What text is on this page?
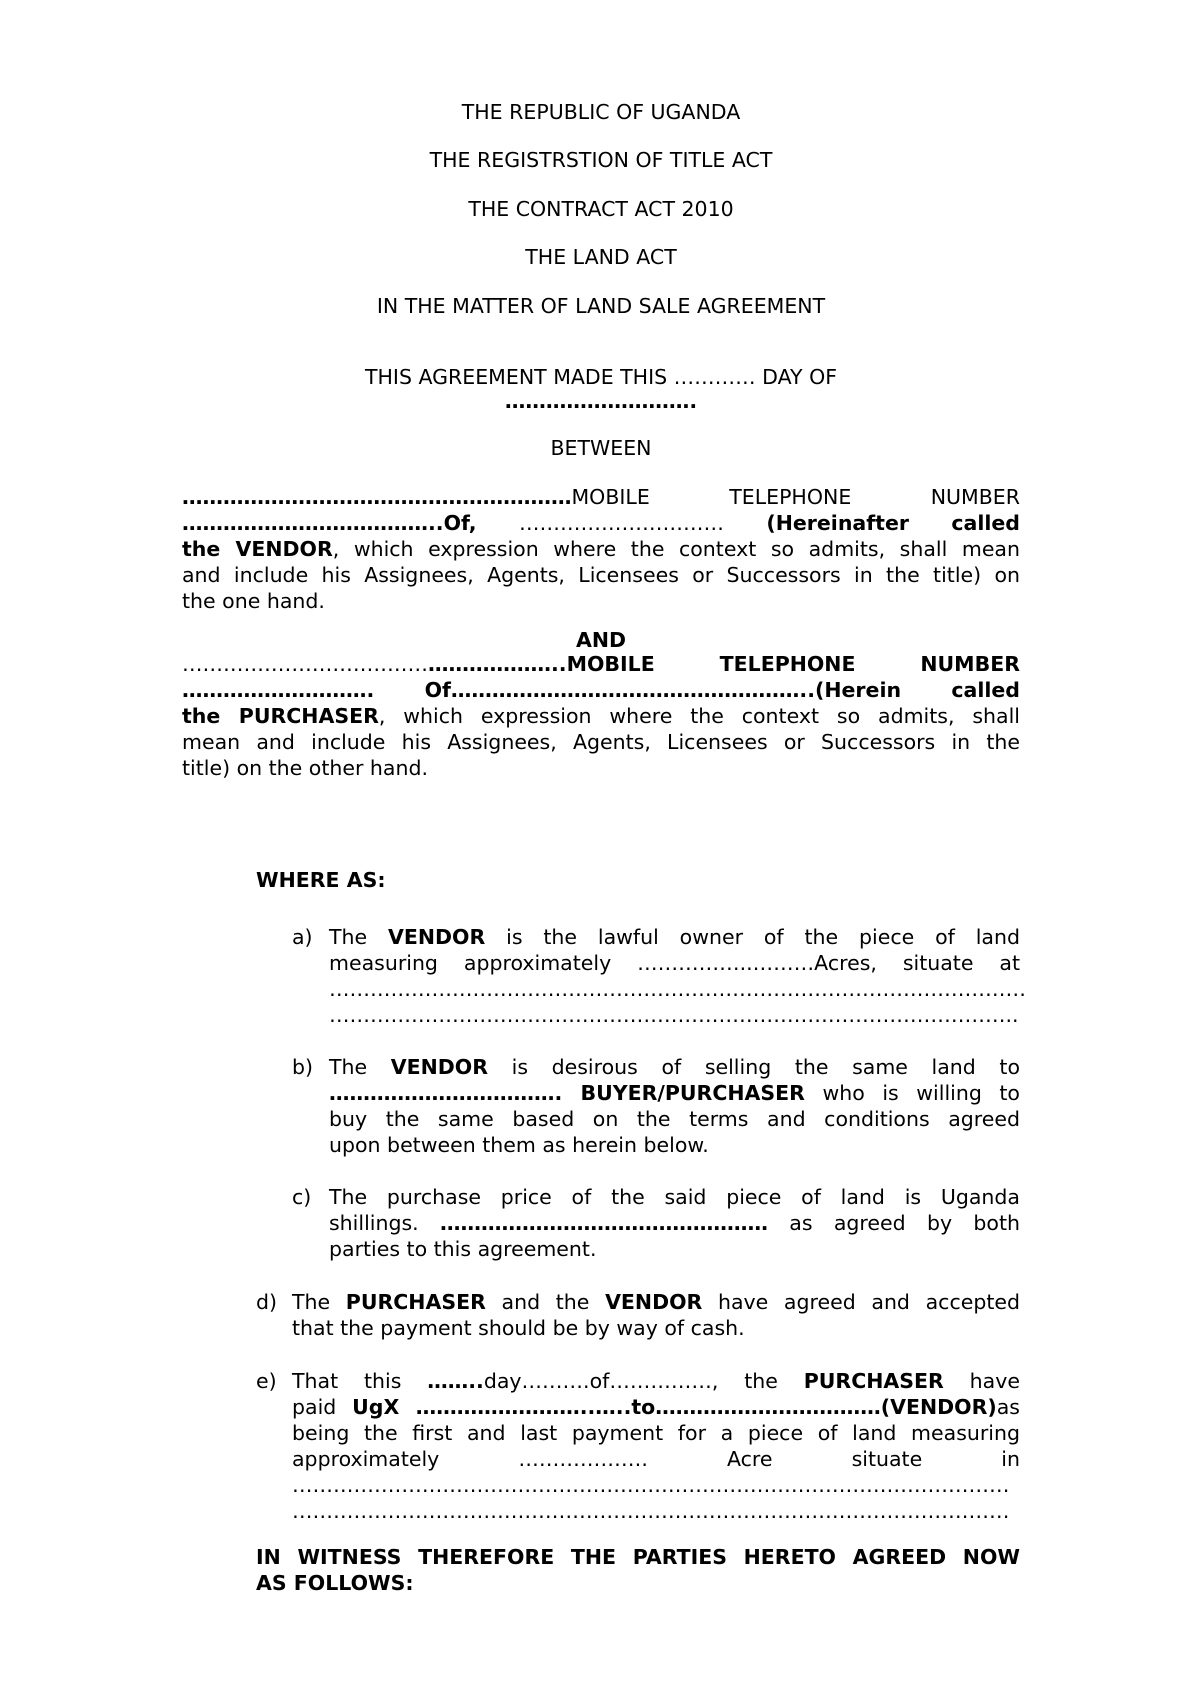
THE REPUBLIC OF UGANDA
THE REGISTRSTION OF TITLE ACT
THE CONTRACT ACT 2010
THE LAND ACT
IN THE MATTER OF LAND SALE AGREEMENT
THIS AGREEMENT MADE THIS ………… DAY OF
……………………….
BETWEEN
…………………………………………………MOBILE	TELEPHONE	NUMBER
………………………………..Of, ………………………… (Hereinafter called
the VENDOR, which expression where the context so admits, shall mean
and include his Assignees, Agents, Licensees or Successors in the title) on
the one hand.
AND
………………………………………………..MOBILE	TELEPHONE	NUMBER
………………………. Of……………………………………………..(Herein called
the PURCHASER, which expression where the context so admits, shall
mean and include his Assignees, Agents, Licensees or Successors in the
title) on the other hand.
WHERE AS:
a) The VENDOR is the lawful owner of the piece of land
measuring approximately ……………..………Acres, situate at
…………………………………………………………………………………………
………………………………………………………………………………………..
b) The VENDOR is desirous of selling the same land to
……………………………. BUYER/PURCHASER who is willing to
buy the same based on the terms and conditions agreed
upon between them as herein below.
c) The purchase price of the said piece of land is Uganda
shillings. ………………………………………… as agreed by both
parties to this agreement.
d) The PURCHASER and the VENDOR have agreed and accepted
that the payment should be by way of cash.
e) That this ……..day……….of……………, the PURCHASER have
paid UgX ……………………..…..to……………………………(VENDOR)as
being the first and last payment for a piece of land measuring
approximately	……………….	Acre	situate	in
……………………………………………………………………………………………
……………………………………………………………………………………………
IN WITNESS THEREFORE THE PARTIES HERETO AGREED NOW
AS FOLLOWS:
